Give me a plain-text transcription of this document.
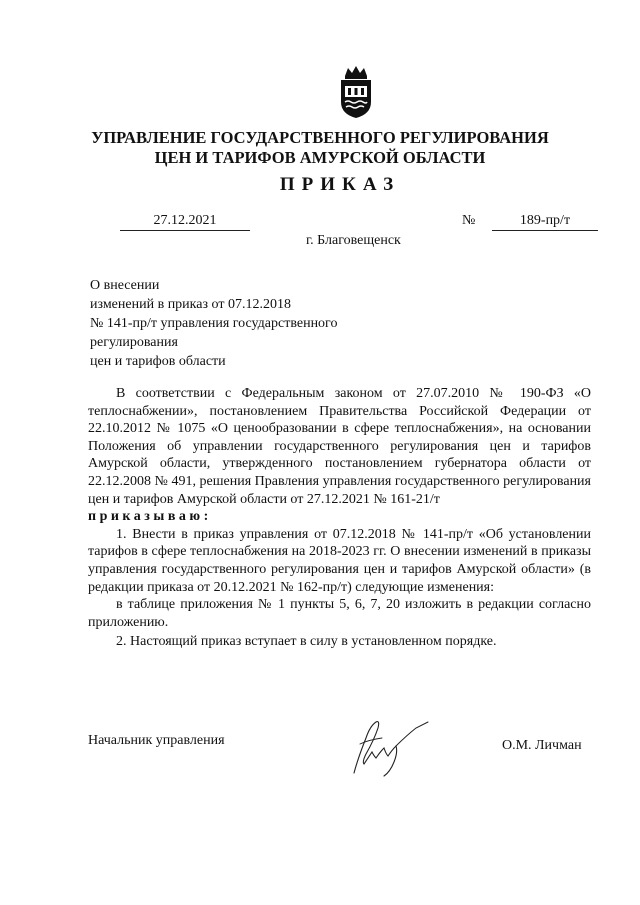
УПРАВЛЕНИЕ ГОСУДАРСТВЕННОГО РЕГУЛИРОВАНИЯ
ЦЕН И ТАРИФОВ АМУРСКОЙ ОБЛАСТИ
ПРИКАЗ
27.12.2021	№	189-пр/т
г. Благовещенск
О внесении
изменений в приказ от 07.12.2018
№ 141-пр/т управления государственного
регулирования
цен и тарифов области

В соответствии с Федеральным законом от 27.07.2010 № 190-ФЗ «О теплоснабжении», постановлением Правительства Российской Федерации от 22.10.2012 № 1075 «О ценообразовании в сфере теплоснабжения», на основании Положения об управлении государственного регулирования цен и тарифов Амурской области, утвержденного постановлением губернатора области от 22.12.2008 № 491, решения Правления управления государственного регулирования цен и тарифов Амурской области от 27.12.2021 № 161-21/т

приказываю:

1. Внести в приказ управления от 07.12.2018 № 141-пр/т «Об установлении тарифов в сфере теплоснабжения на 2018-2023 гг. О внесении изменений в приказы управления государственного регулирования цен и тарифов Амурской области» (в редакции приказа от 20.12.2021 № 162-пр/т) следующие изменения:

в таблице приложения № 1 пункты 5, 6, 7, 20 изложить в редакции согласно приложению.

2. Настоящий приказ вступает в силу в установленном порядке.

Начальник управления	О.М. Личман
